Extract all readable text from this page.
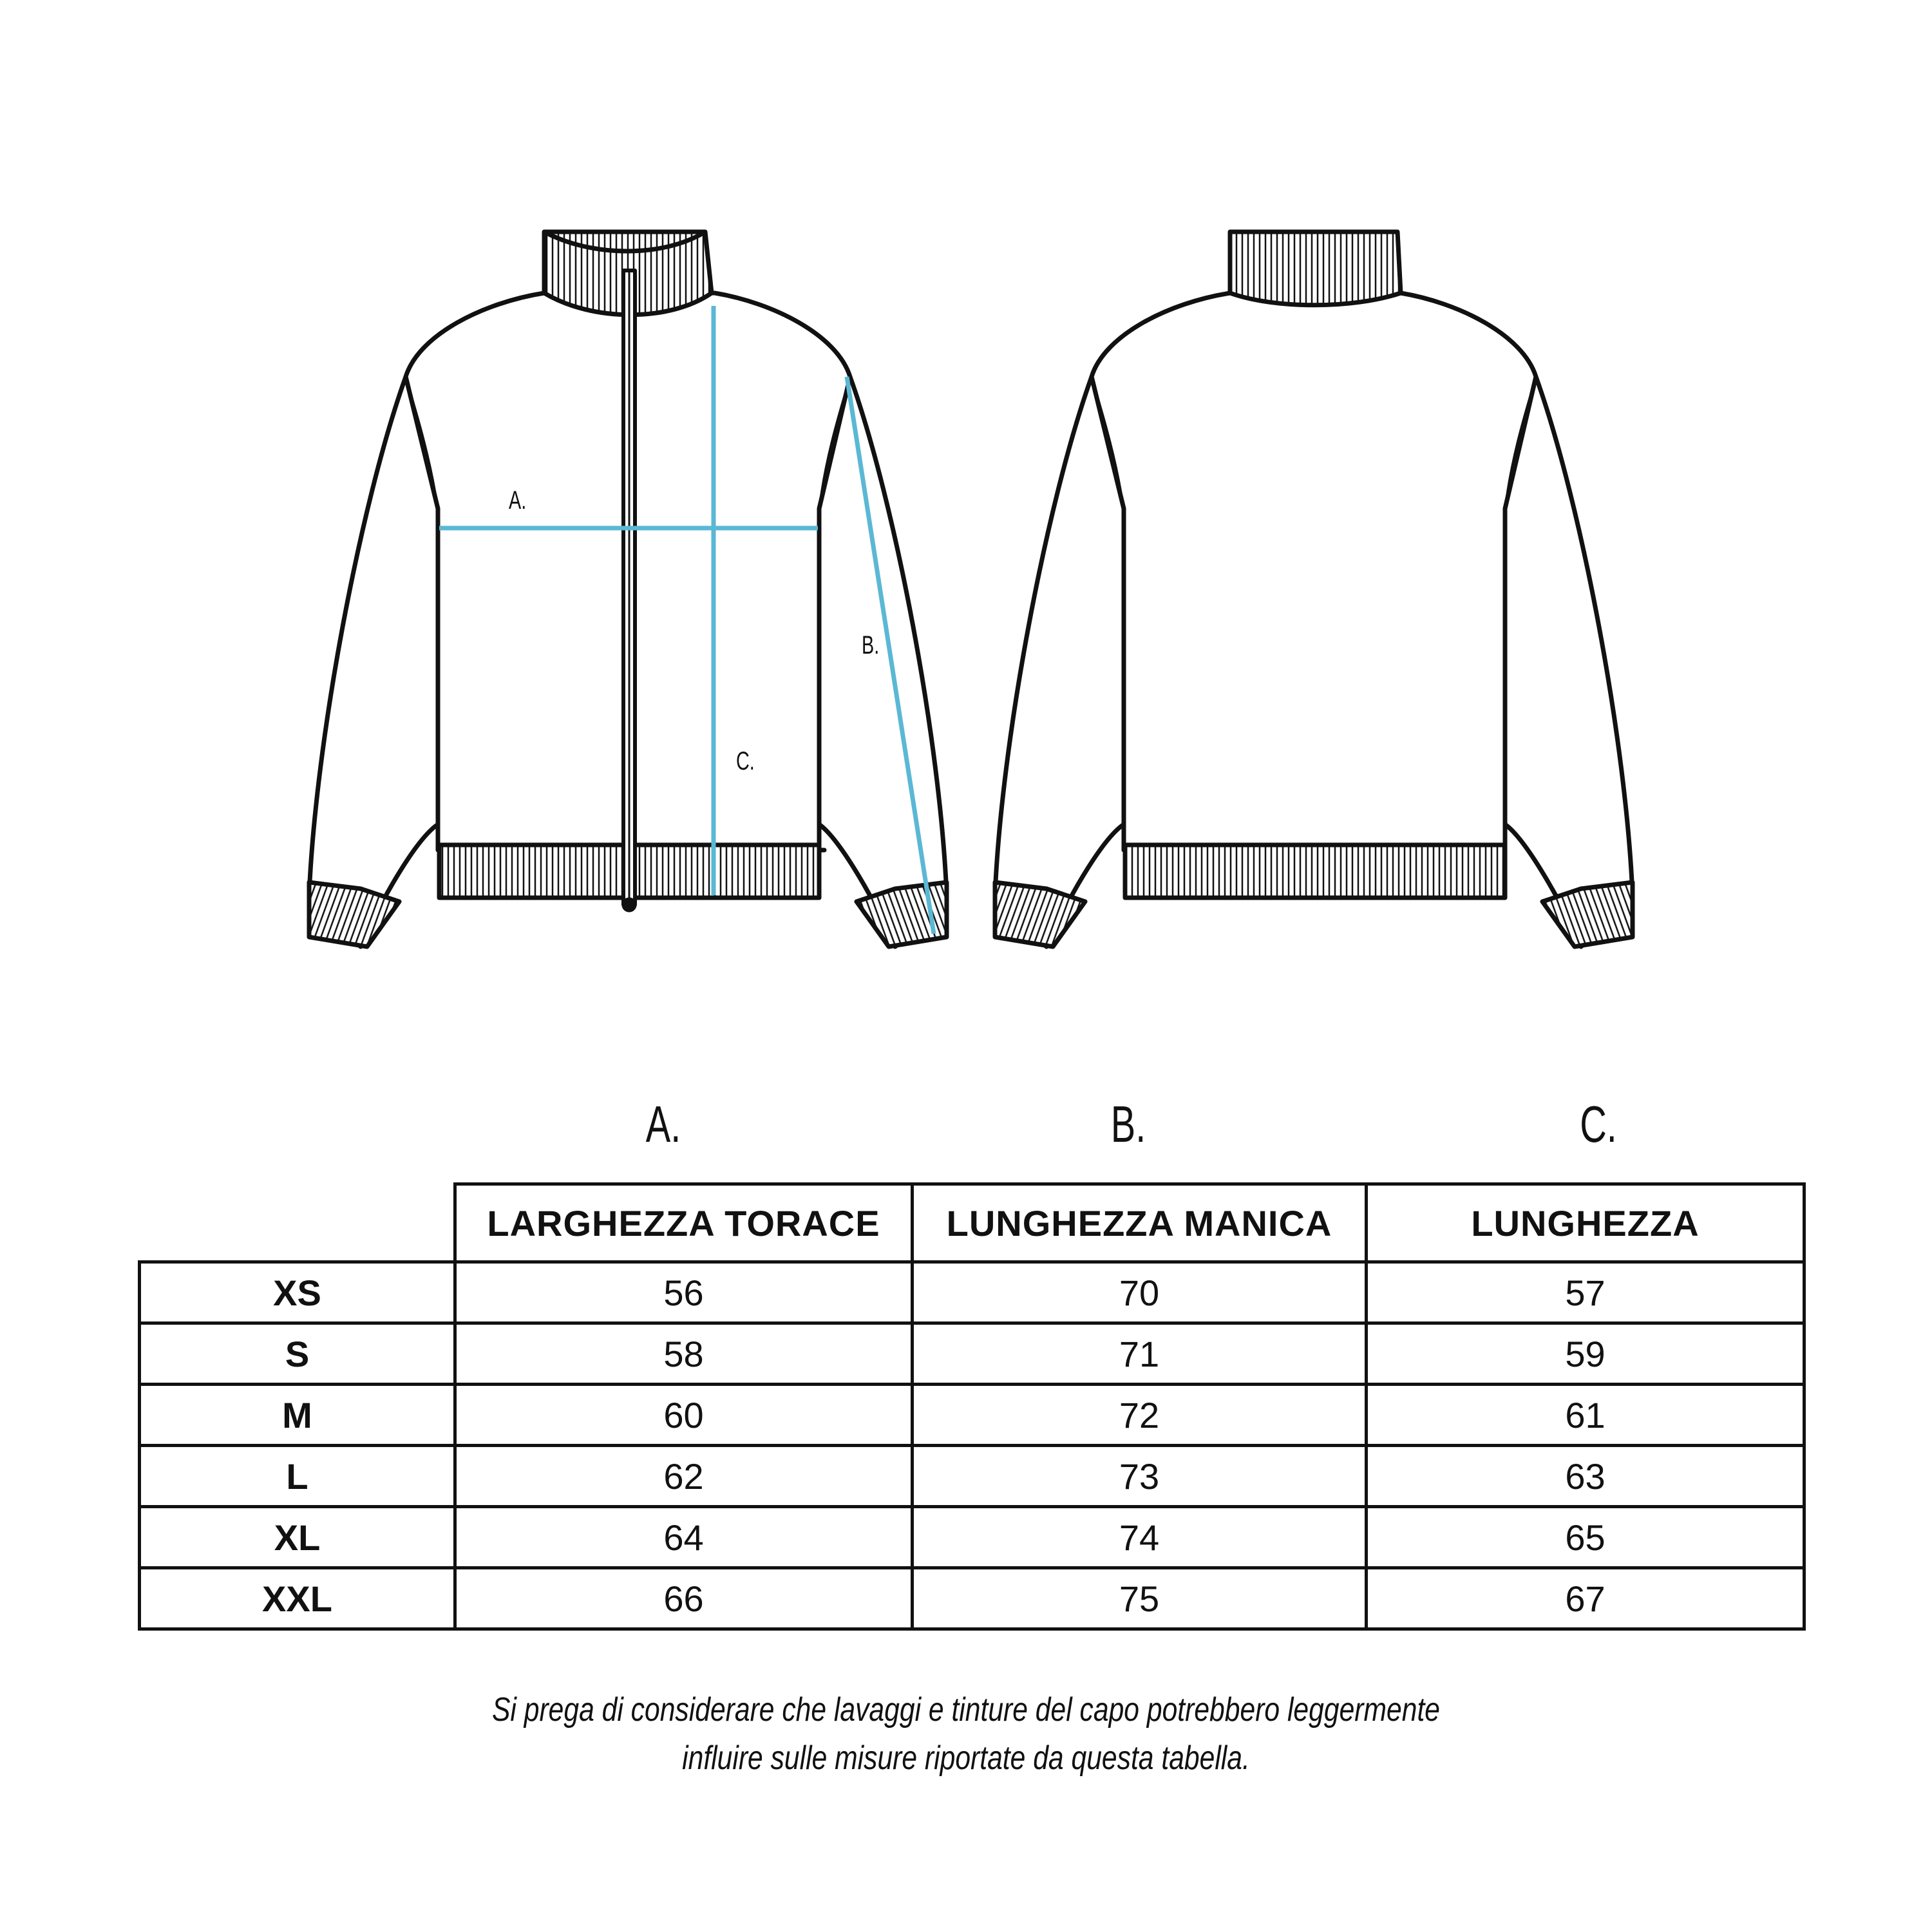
A.
B.
C.
A.	B.	C.
	LARGHEZZA TORACE	LUNGHEZZA MANICA	LUNGHEZZA
XS	56	70	57
S	58	71	59
M	60	72	61
L	62	73	63
XL	64	74	65
XXL	66	75	67
Si prega di considerare che lavaggi e tinture del capo potrebbero leggermente
influire sulle misure riportate da questa tabella.
